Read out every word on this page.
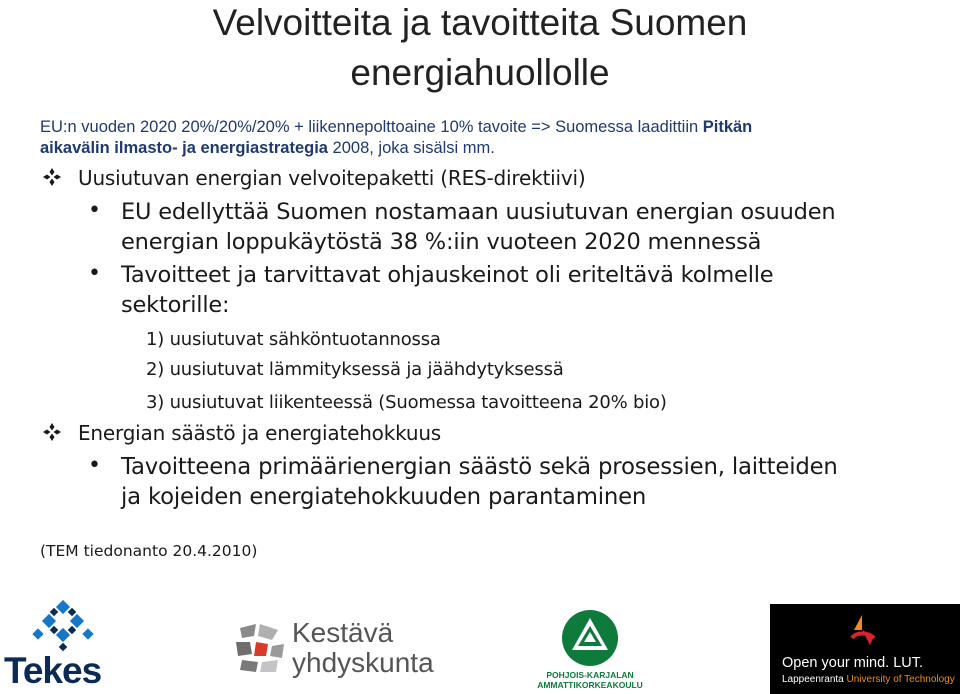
Velvoitteita ja tavoitteita Suomen
energiahuollolle
EU:n vuoden 2020 20%/20%/20% + liikennepolttoaine 10% tavoite => Suomessa laadittiin Pitkän
aikavälin ilmasto- ja energiastrategia 2008, joka sisälsi mm.
Uusiutuvan energian velvoitepaketti (RES-direktiivi)
• EU edellyttää Suomen nostamaan uusiutuvan energian osuuden
energian loppukäytöstä 38 %:iin vuoteen 2020 mennessä
• Tavoitteet ja tarvittavat ohjauskeinot oli eriteltävä kolmelle
sektorille:
1) uusiutuvat sähköntuotannossa
2) uusiutuvat lämmityksessä ja jäähdytyksessä
3) uusiutuvat liikenteessä (Suomessa tavoitteena 20% bio)
Energian säästö ja energiatehokkuus
• Tavoitteena primäärienergian säästö sekä prosessien, laitteiden
ja kojeiden energiatehokkuuden parantaminen
(TEM tiedonanto 20.4.2010)
Tekes
Kestävä
yhdyskunta	POHJOIS-KARJALAN
AMMATTIKORKEAKOULU
Open your mind. LUT.
Lappeenranta University of Technology
